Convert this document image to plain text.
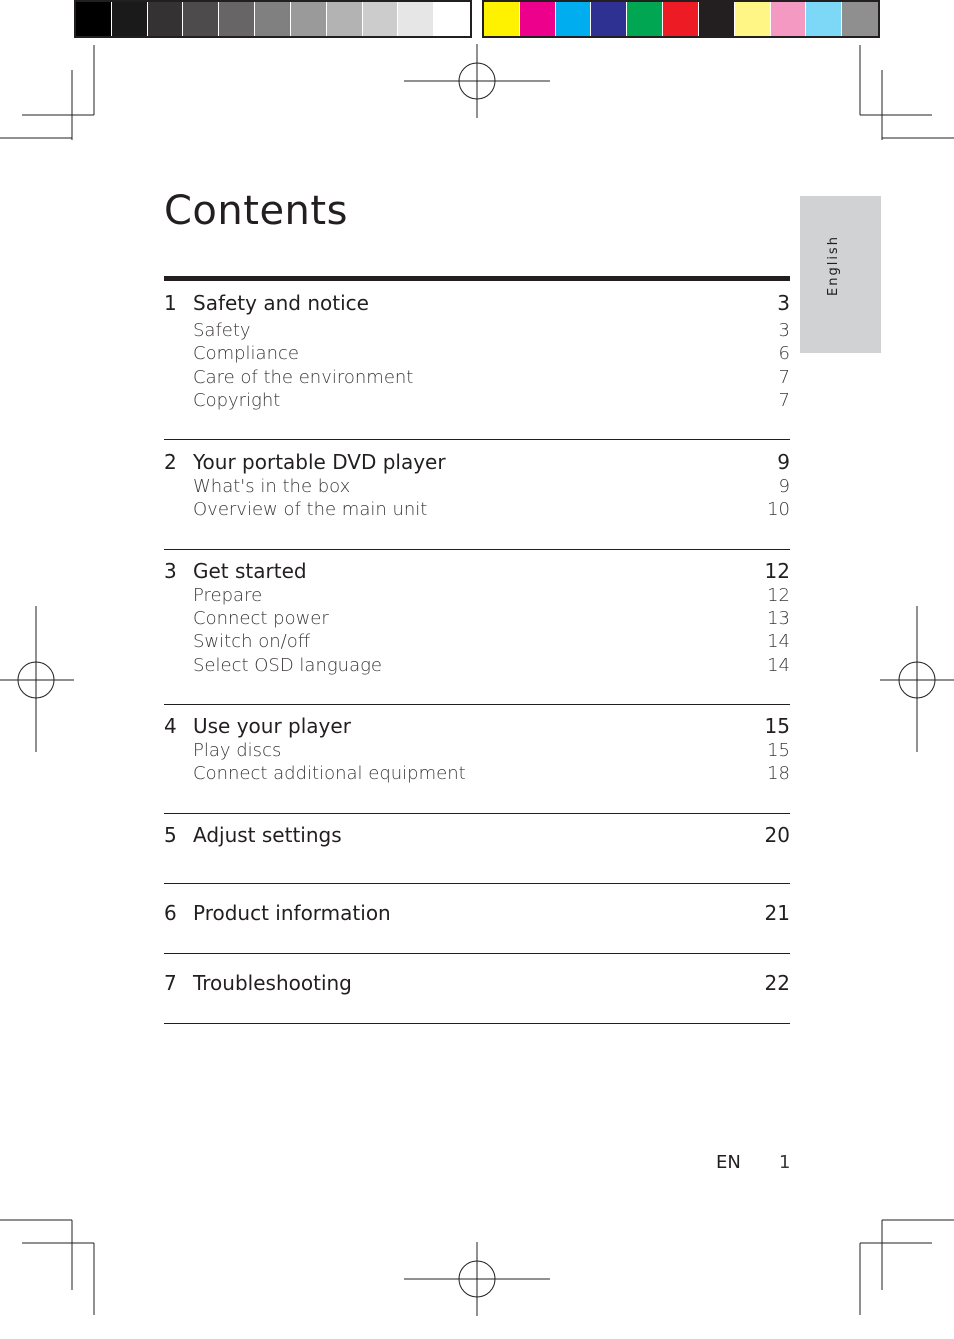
Contents
English
1 Safety and notice	3
Safety	3
Compliance	6
Care of the environment	7
Copyright	7
2 Your portable DVD player	9
What's in the box	9
Overview of the main unit	10
3 Get started	12
Prepare	12
Connect power	13
Switch on/off	14
Select OSD language	14
4 Use your player	15
Play discs	15
Connect additional equipment	18
5 Adjust settings	20
6 Product information	21
7 Troubleshooting	22
EN 1
